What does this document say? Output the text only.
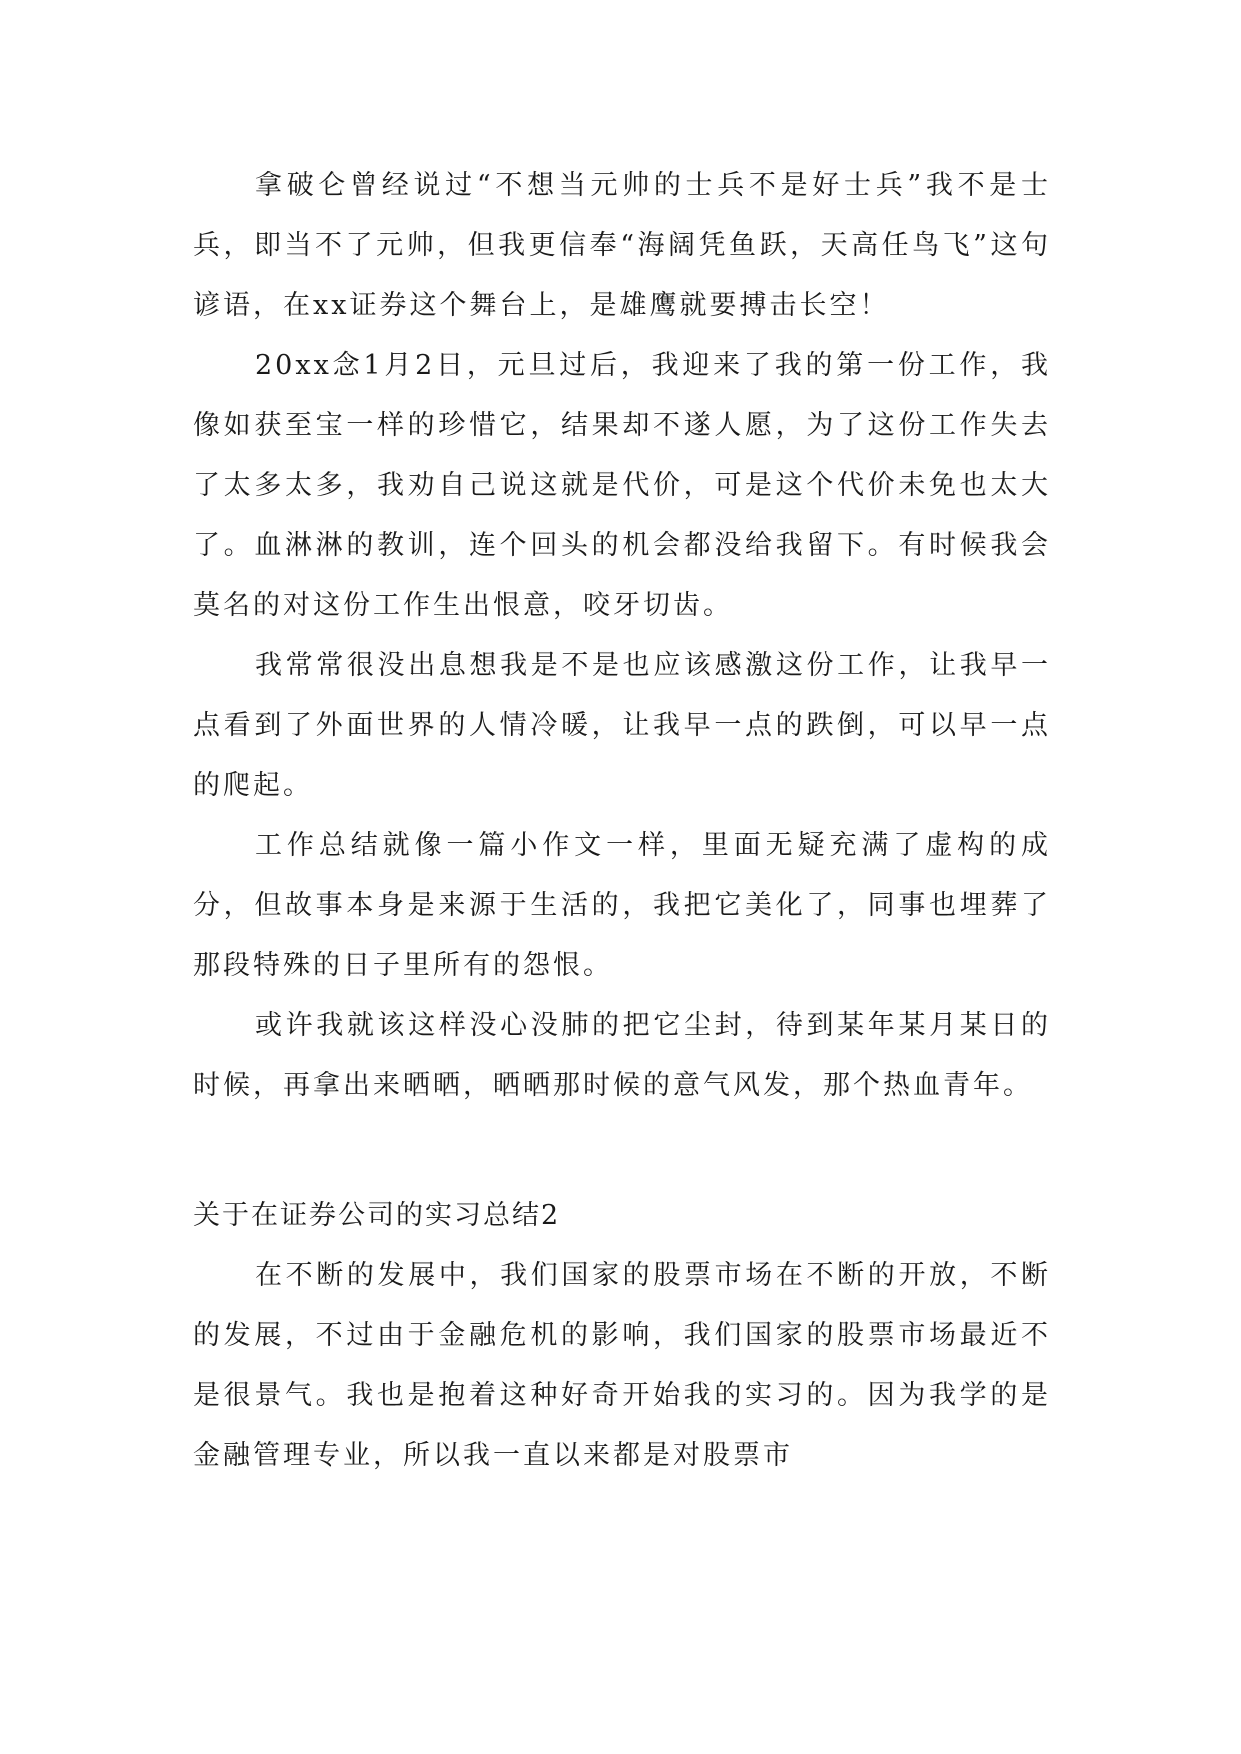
拿破仑曾经说过“不想当元帅的士兵不是好士兵”我不是士兵，即当不了元帅，但我更信奉“海阔凭鱼跃，天高任鸟飞”这句谚语，在xx证券这个舞台上，是雄鹰就要搏击长空！

20xx念1月2日，元旦过后，我迎来了我的第一份工作，我像如获至宝一样的珍惜它，结果却不遂人愿，为了这份工作失去了太多太多，我劝自己说这就是代价，可是这个代价未免也太大了。血淋淋的教训，连个回头的机会都没给我留下。有时候我会莫名的对这份工作生出恨意，咬牙切齿。

我常常很没出息想我是不是也应该感激这份工作，让我早一点看到了外面世界的人情冷暖，让我早一点的跌倒，可以早一点的爬起。

工作总结就像一篇小作文一样，里面无疑充满了虚构的成分，但故事本身是来源于生活的，我把它美化了，同事也埋葬了那段特殊的日子里所有的怨恨。

或许我就该这样没心没肺的把它尘封，待到某年某月某日的时候，再拿出来晒晒，晒晒那时候的意气风发，那个热血青年。

关于在证券公司的实习总结2

在不断的发展中，我们国家的股票市场在不断的开放，不断的发展，不过由于金融危机的影响，我们国家的股票市场最近不是很景气。我也是抱着这种好奇开始我的实习的。因为我学的是金融管理专业，所以我一直以来都是对股票市
